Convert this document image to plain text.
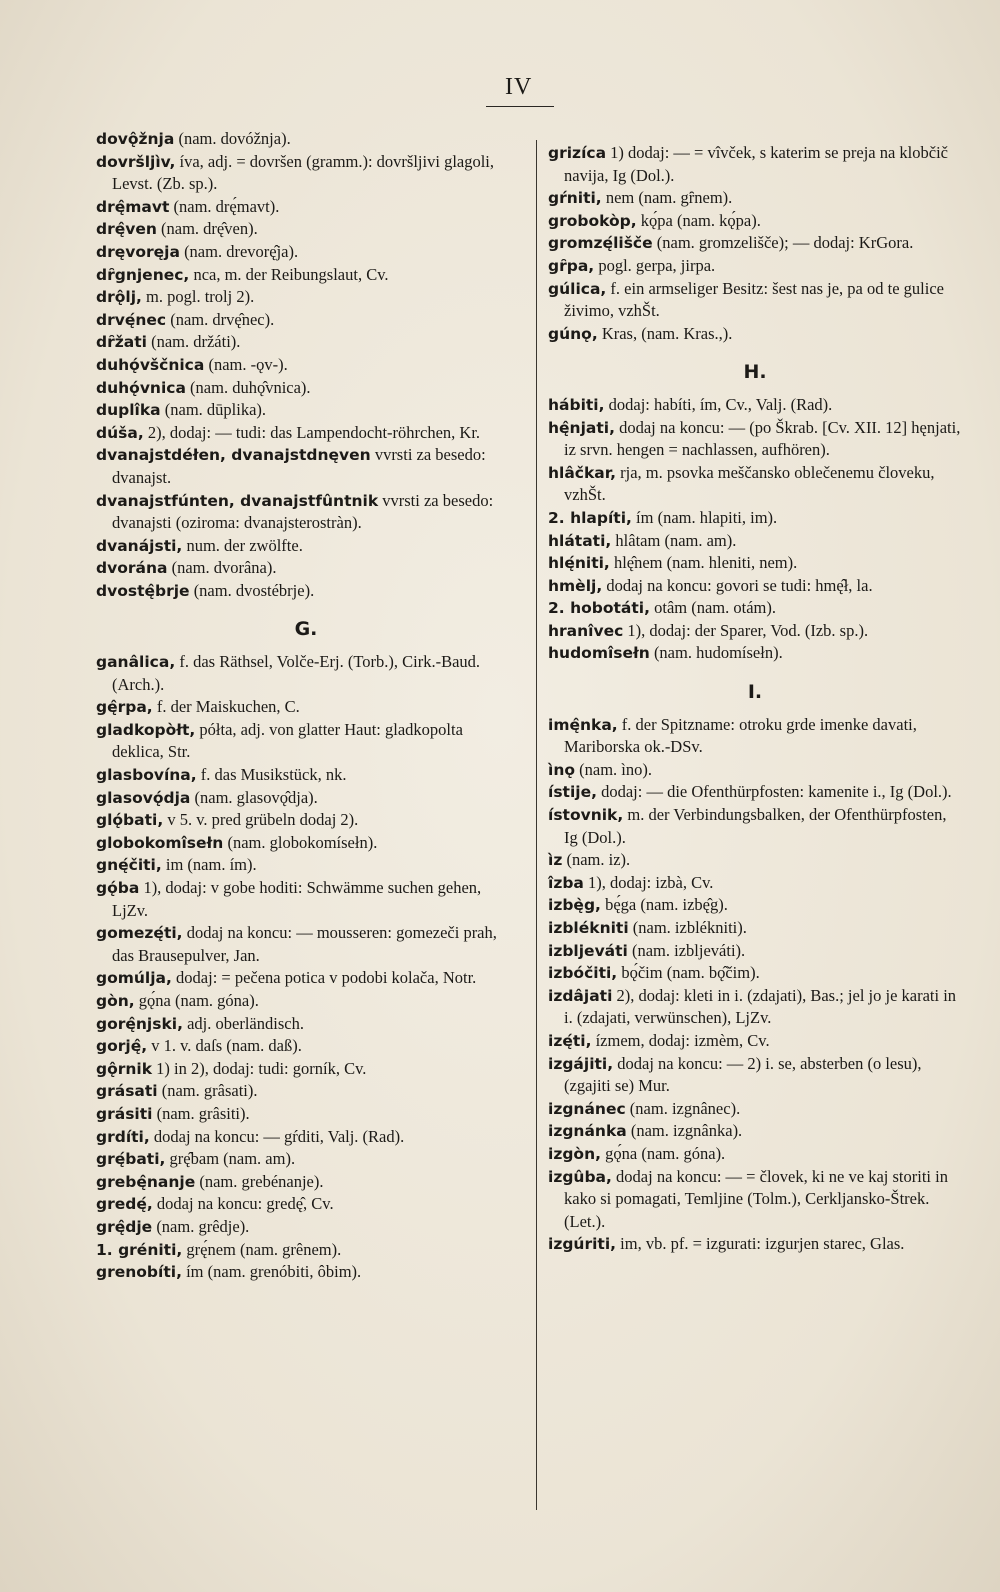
IV

dovǫ̂žnja (nam. dovóžnja).

dovršljìv, íva, adj. = dovršen (gramm.): dovršljivi glagoli, Levst. (Zb. sp.).

drę̂mavt (nam. drę́mavt).

drę̂ven (nam. drę̂ven).

dręvoręja (nam. drevorę̂ja).

dȓgnjenec, nca, m. der Reibungslaut, Cv.

drǫ̂lj, m. pogl. trolj 2).

drvę́nec (nam. drvę̂nec).

dȓžati (nam. držáti).

duhǫ́vščnica (nam. -ǫv-).

duhǫ́vnica (nam. duhǫ̂vnica).

duplîka (nam. dūplika).

dúša, 2), dodaj: — tudi: das Lampendocht-röhrchen, Kr.

dvanajstdéłen, dvanajstdnęven vvrsti za besedo: dvanajst.

dvanajstfúnten, dvanajstfûntnik vvrsti za besedo: dvanajsti (oziroma: dvanajsterostràn).

dvanájsti, num. der zwölfte.

dvorána (nam. dvorâna).

dvostę̂brje (nam. dvostébrje).

G.

ganâlica, f. das Räthsel, Volče-Erj. (Torb.), Cirk.-Baud. (Arch.).

gę̂rpa, f. der Maiskuchen, C.

gladkopòłt, półta, adj. von glatter Haut: gladkopolta deklica, Str.

glasbovína, f. das Musikstück, nk.

glasovǫ́dja (nam. glasovǫ̂dja).

glǫ́bati, v 5. v. pred grübeln dodaj 2).

globokomîsełn (nam. globokomísełn).

gnę́čiti, im (nam. ím).

gǫ́ba 1), dodaj: v gobe hoditi: Schwämme suchen gehen, LjZv.

gomezę́ti, dodaj na koncu: — mousseren: gomezeči prah, das Brausepulver, Jan.

gomúlja, dodaj: = pečena potica v podobi kolača, Notr.

gòn, gǫ́na (nam. góna).

gorę̂njski, adj. oberländisch.

gorję̂, v 1. v. daſs (nam. daß).

gǫ̂rnik 1) in 2), dodaj: tudi: gorník, Cv.

grásati (nam. grâsati).

grásiti (nam. grâsiti).

grdíti, dodaj na koncu: — gŕditi, Valj. (Rad).

grę́bati, grę̂bam (nam. am).

grebę̂nanje (nam. grebénanje).

gredę́, dodaj na koncu: gredę̂, Cv.

grę̂dje (nam. grêdje).

1. gréniti, grę́nem (nam. grênem).

grenobíti, ím (nam. grenóbiti, ôbim).

grizíca 1) dodaj: — = vîvček, s katerim se preja na klobčič navija, Ig (Dol.).

gŕniti, nem (nam. gȓnem).

grobokòp, kǫ́pa (nam. kǫ́pa).

gromzę́lišče (nam. gromzelišče); — dodaj: KrGora.

gȓpa, pogl. gerpa, jirpa.

gúlica, f. ein armseliger Besitz: šest nas je, pa od te gulice živimo, vzhŠt.

gúnǫ, Kras, (nam. Kras.,).

H.

hábiti, dodaj: habíti, ím, Cv., Valj. (Rad).

hę̂njati, dodaj na koncu: — (po Škrab. [Cv. XII. 12] hęnjati, iz srvn. hengen = nachlassen, aufhören).

hlâčkar, rja, m. psovka meščansko oblečenemu človeku, vzhŠt.

2. hlapíti, ím (nam. hlapiti, im).

hlátati, hlâtam (nam. am).

hlę́niti, hlę̂nem (nam. hleniti, nem).

hmèlj, dodaj na koncu: govori se tudi: hmę̂ł, la.

2. hobotáti, otâm (nam. otám).

hranîvec 1), dodaj: der Sparer, Vod. (Izb. sp.).

hudomîsełn (nam. hudomísełn).

I.

imę̂nka, f. der Spitzname: otroku grde imenke davati, Mariborska ok.-DSv.

ìnǫ (nam. ìno).

ístije, dodaj: — die Ofenthürpfosten: kamenite i., Ig (Dol.).

ístovnik, m. der Verbindungsbalken, der Ofenthürpfosten, Ig (Dol.).

ìz (nam. iz).

îzba 1), dodaj: izbà, Cv.

izbę̀g, bę́ga (nam. izbę̂g).

izblékniti (nam. izblékniti).

izbljeváti (nam. izbljeváti).

izbóčiti, bǫ́čim (nam. bǫ̂čim).

izdâjati 2), dodaj: kleti in i. (zdajati), Bas.; jel jo je karati in i. (zdajati, verwünschen), LjZv.

izę́ti, ízmem, dodaj: izmèm, Cv.

izgájiti, dodaj na koncu: — 2) i. se, absterben (o lesu), (zgajiti se) Mur.

izgnánec (nam. izgnânec).

izgnánka (nam. izgnânka).

izgòn, gǫ́na (nam. góna).

izgûba, dodaj na koncu: — = človek, ki ne ve kaj storiti in kako si pomagati, Temljine (Tolm.), Cerkljansko-Štrek. (Let.).

izgúriti, im, vb. pf. = izgurati: izgurjen starec, Glas.
